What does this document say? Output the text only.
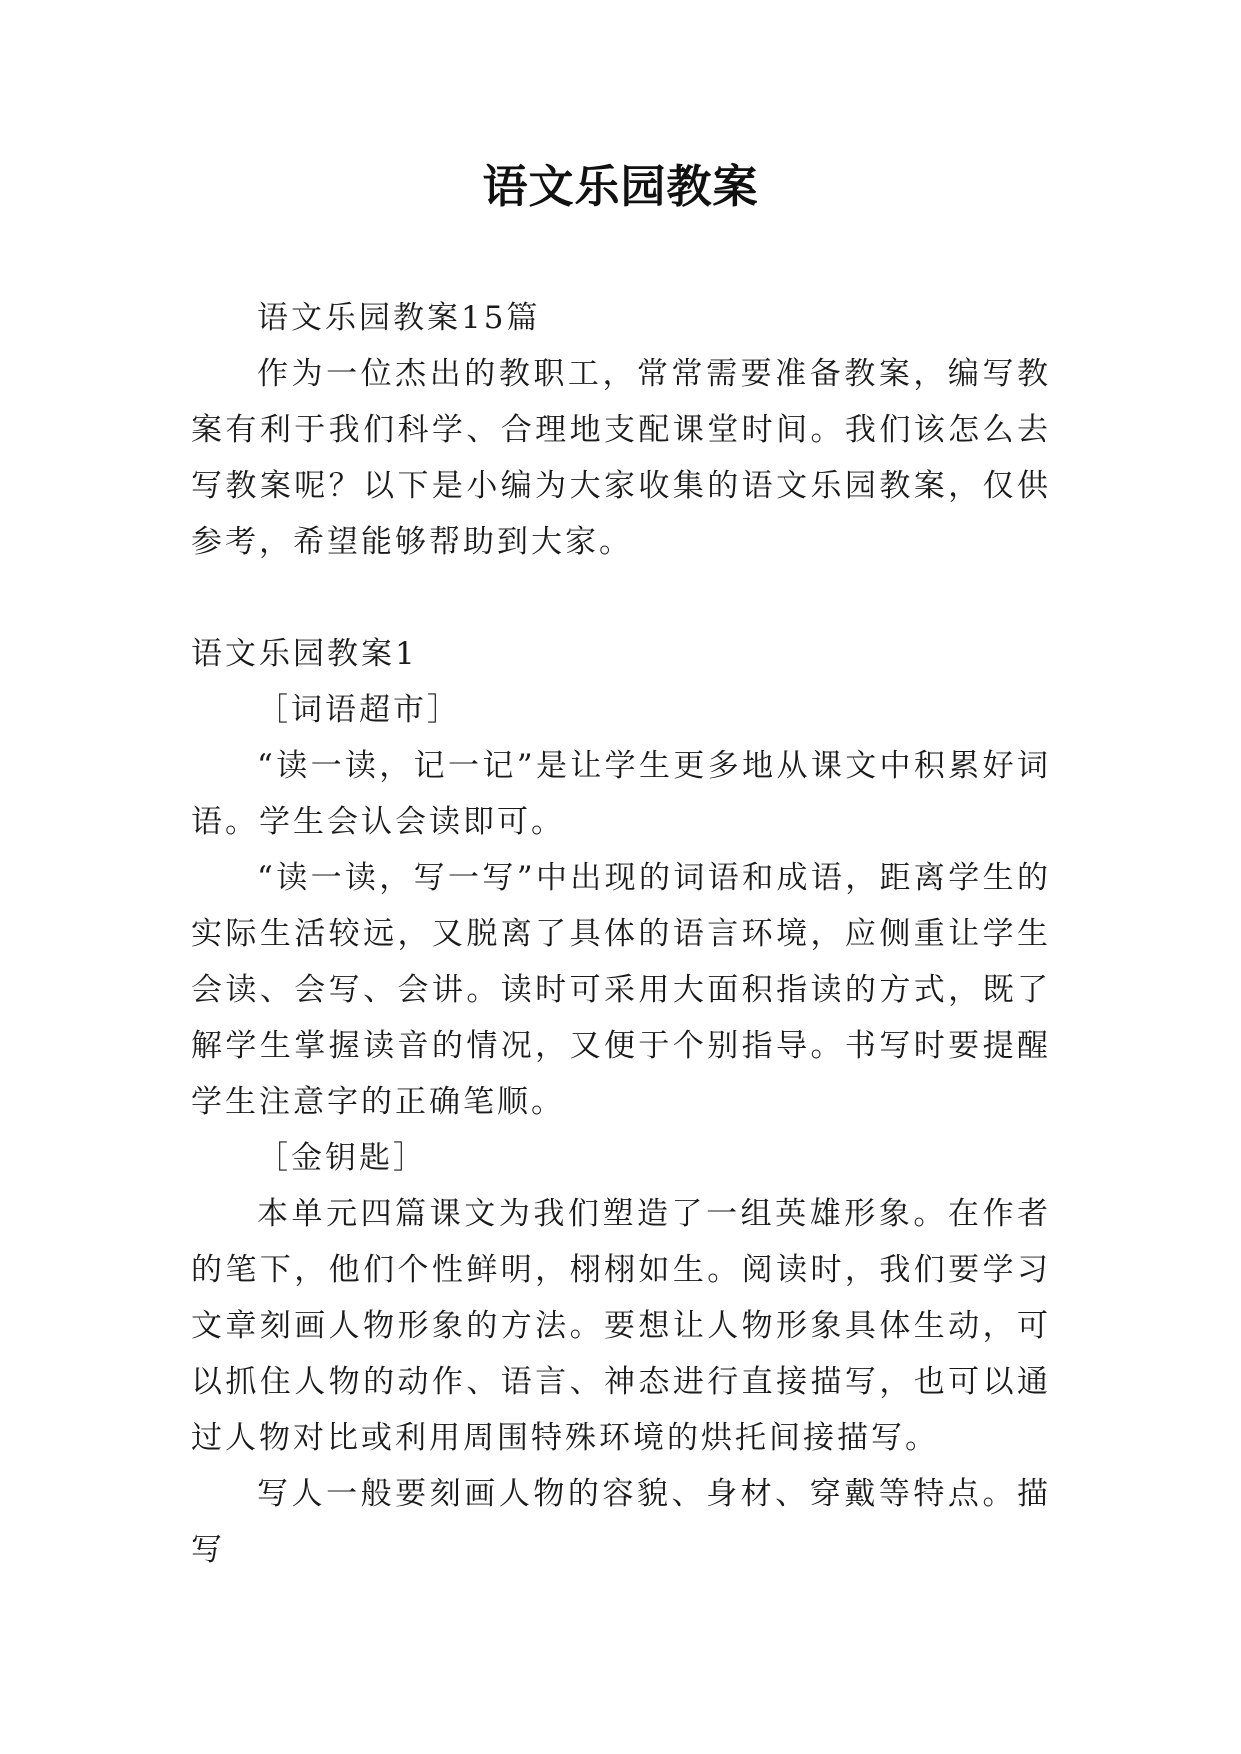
语文乐园教案

语文乐园教案15篇

作为一位杰出的教职工，常常需要准备教案，编写教案有利于我们科学、合理地支配课堂时间。我们该怎么去写教案呢？以下是小编为大家收集的语文乐园教案，仅供参考，希望能够帮助到大家。

语文乐园教案1

［词语超市］

“读一读，记一记”是让学生更多地从课文中积累好词语。学生会认会读即可。

“读一读，写一写”中出现的词语和成语，距离学生的实际生活较远，又脱离了具体的语言环境，应侧重让学生会读、会写、会讲。读时可采用大面积指读的方式，既了解学生掌握读音的情况，又便于个别指导。书写时要提醒学生注意字的正确笔顺。

［金钥匙］

本单元四篇课文为我们塑造了一组英雄形象。在作者的笔下，他们个性鲜明，栩栩如生。阅读时，我们要学习文章刻画人物形象的方法。要想让人物形象具体生动，可以抓住人物的动作、语言、神态进行直接描写，也可以通过人物对比或利用周围特殊环境的烘托间接描写。

写人一般要刻画人物的容貌、身材、穿戴等特点。描写
